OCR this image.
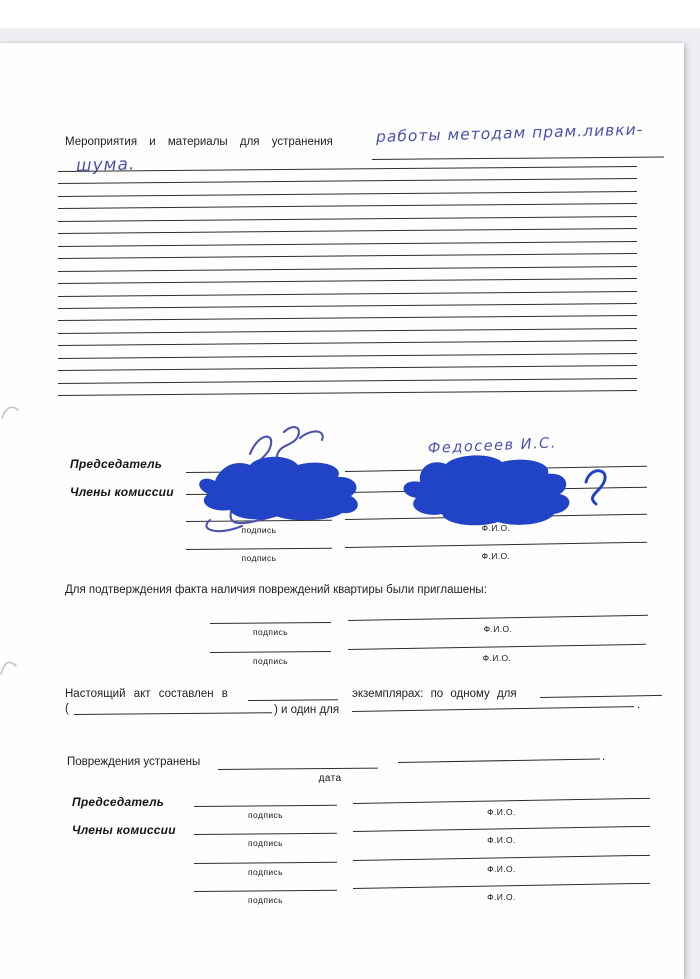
Мероприятия и материалы для устранения	работы методам прам.ливки-
шума.
Председатель
Члены комиссии
подпись	Ф.И.О.
подпись	Ф.И.О.
Федосеев И.С.
Для подтверждения факта наличия повреждений квартиры были приглашены:
подпись	Ф.И.О.
подпись	Ф.И.О.
Настоящий акт составлен в	экземплярах: по одному для
(	) и один для	.
Повреждения устранены
дата
.
Председатель
Члены комиссии
подпись	Ф.И.О.
подпись	Ф.И.О.
подпись	Ф.И.О.
подпись	Ф.И.О.
